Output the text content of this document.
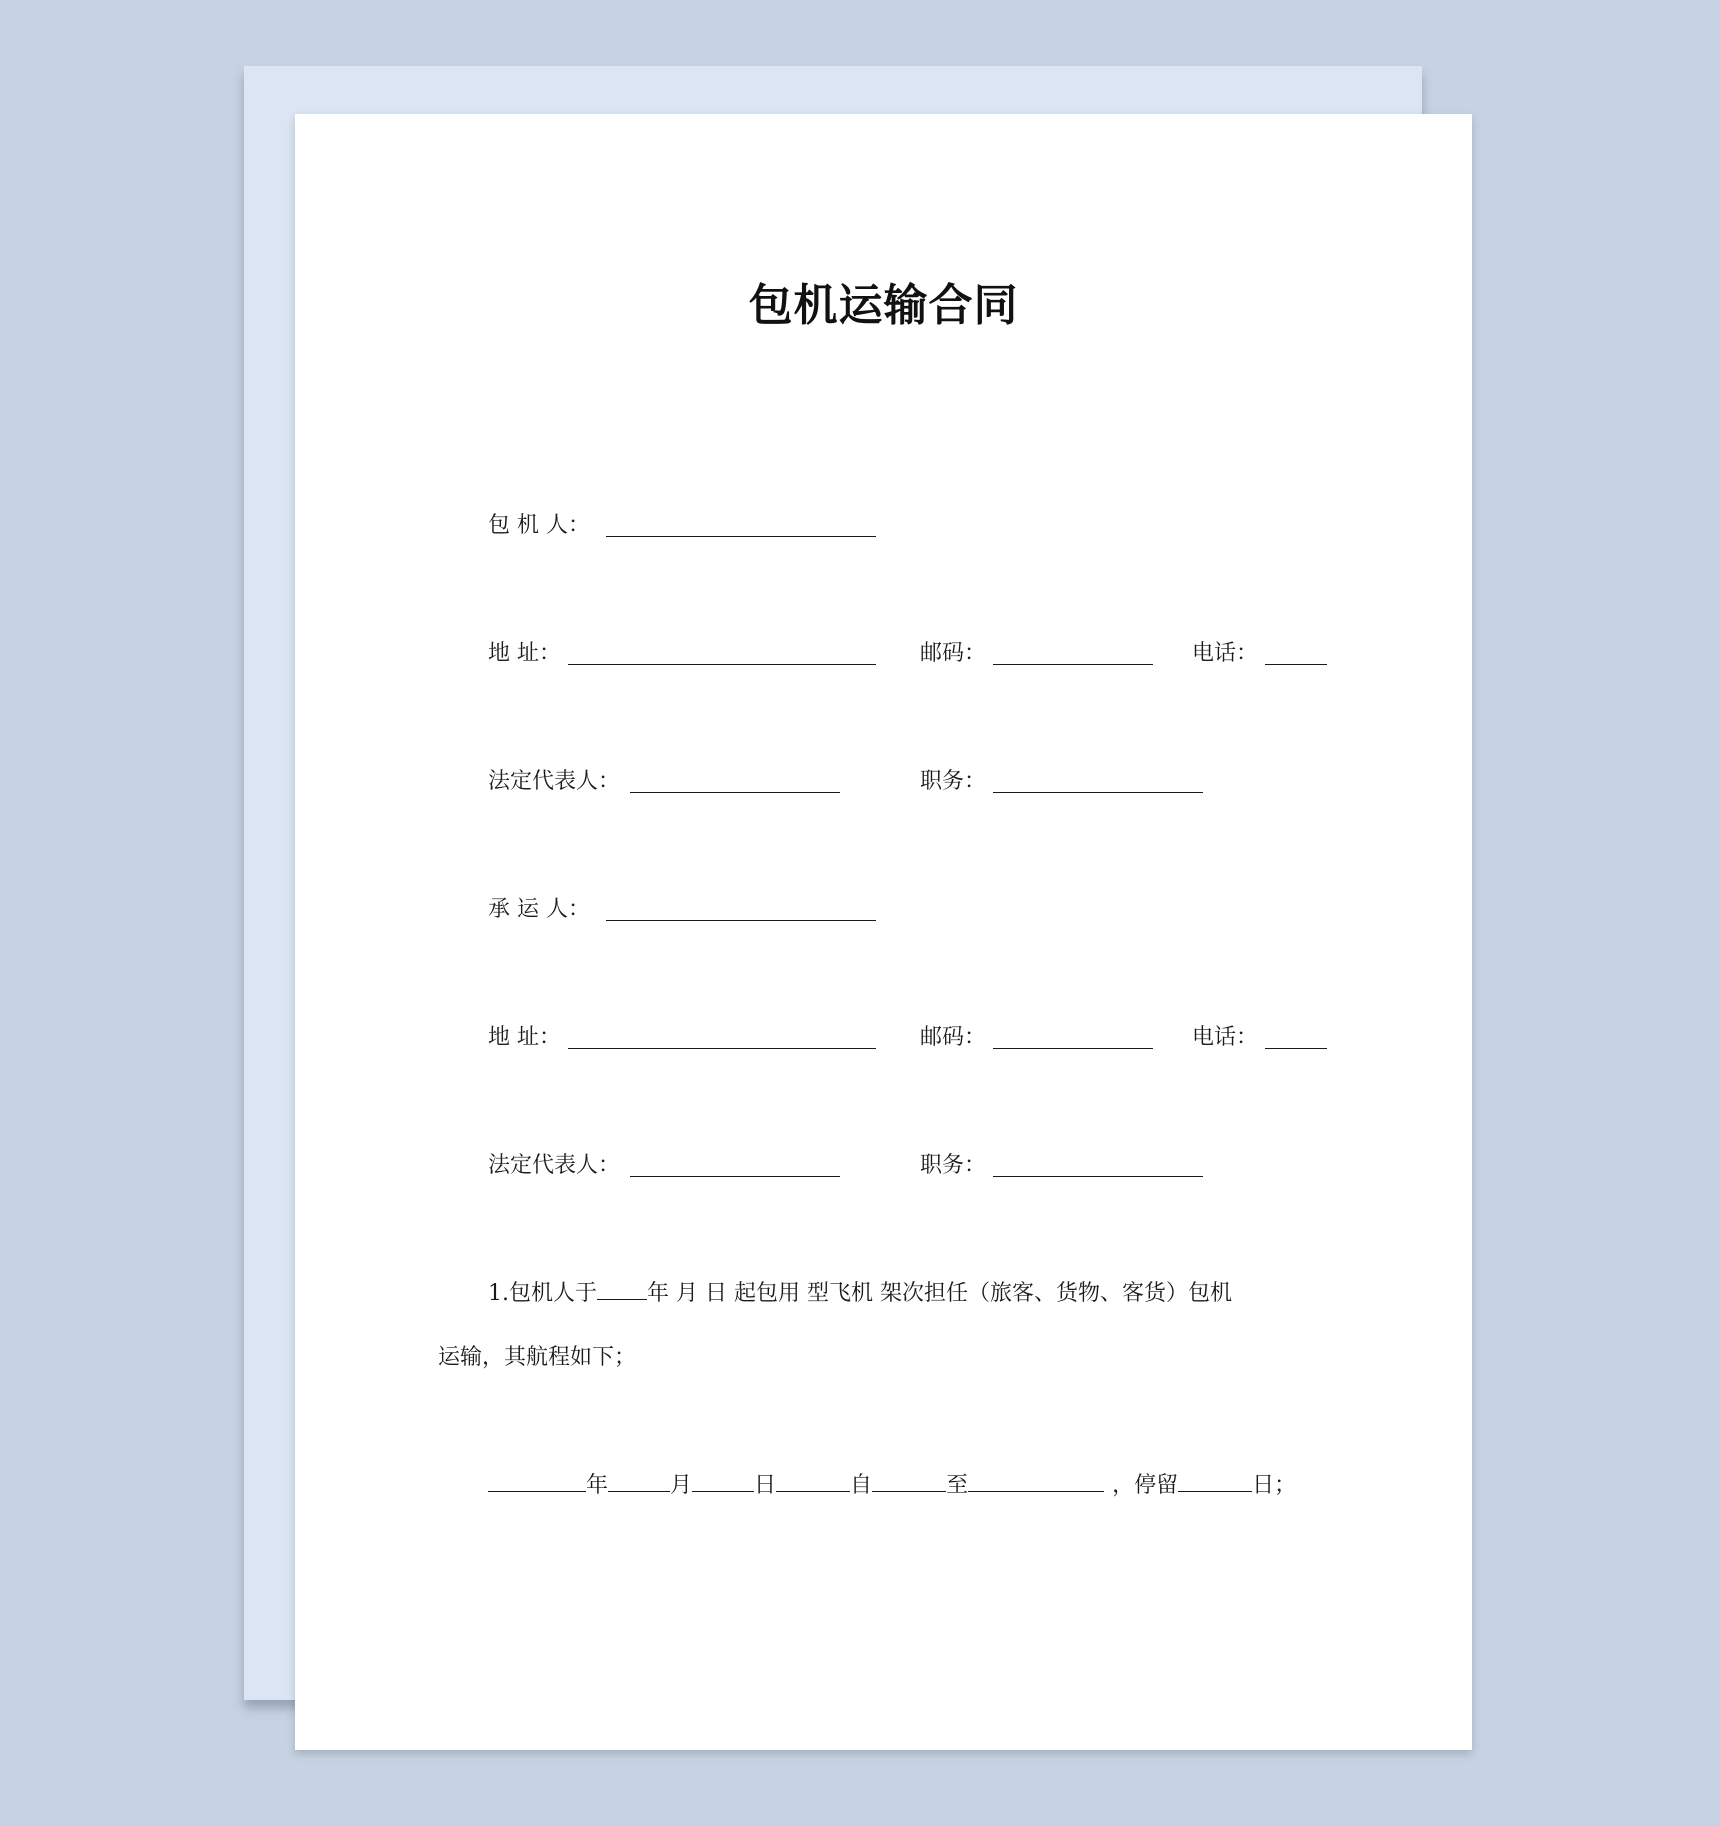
包机运输合同
包 机 人：
地 址：	邮码：	电话：
法定代表人：	职务：
承 运 人：
地 址：	邮码：	电话：
法定代表人：	职务：
1.包机人于 年 月 日 起包用 型飞机 架次担任（旅客、货物、客货）包机
运输，其航程如下；
年	月	日	自	至	，停留	日；
